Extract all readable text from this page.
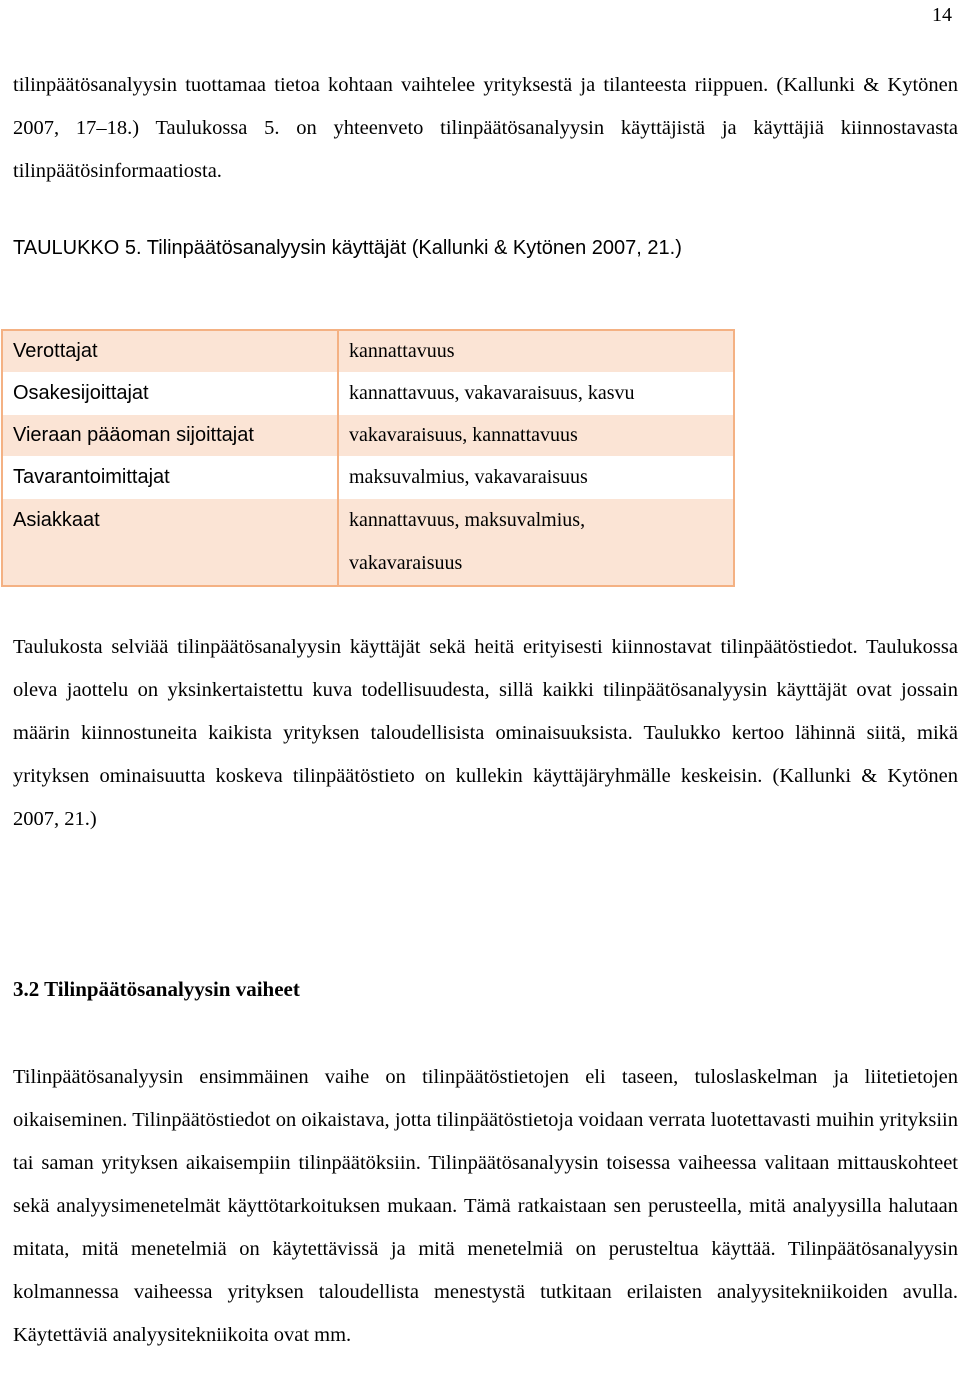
14

tilinpäätösanalyysin tuottamaa tietoa kohtaan vaihtelee yrityksestä ja tilanteesta riippuen. (Kallunki & Kytönen 2007, 17–18.) Taulukossa 5. on yhteenveto tilinpäätösanalyysin käyttäjistä ja käyttäjiä kiinnostavasta tilinpäätösinformaatiosta.

TAULUKKO 5. Tilinpäätösanalyysin käyttäjät (Kallunki & Kytönen 2007, 21.)
Verottajat	kannattavuus
Osakesijoittajat	kannattavuus, vakavaraisuus, kasvu
Vieraan pääoman sijoittajat	vakavaraisuus, kannattavuus
Tavarantoimittajat	maksuvalmius, vakavaraisuus
Asiakkaat	kannattavuus, maksuvalmius, vakavaraisuus

Taulukosta selviää tilinpäätösanalyysin käyttäjät sekä heitä erityisesti kiinnostavat tilinpäätöstiedot. Taulukossa oleva jaottelu on yksinkertaistettu kuva todellisuudesta, sillä kaikki tilinpäätösanalyysin käyttäjät ovat jossain määrin kiinnostuneita kaikista yrityksen taloudellisista ominaisuuksista. Taulukko kertoo lähinnä siitä, mikä yrityksen ominaisuutta koskeva tilinpäätöstieto on kullekin käyttäjäryhmälle keskeisin. (Kallunki & Kytönen 2007, 21.)

3.2 Tilinpäätösanalyysin vaiheet

Tilinpäätösanalyysin ensimmäinen vaihe on tilinpäätöstietojen eli taseen, tuloslaskelman ja liitetietojen oikaiseminen. Tilinpäätöstiedot on oikaistava, jotta tilinpäätöstietoja voidaan verrata luotettavasti muihin yrityksiin tai saman yrityksen aikaisempiin tilinpäätöksiin. Tilinpäätösanalyysin toisessa vaiheessa valitaan mittauskohteet sekä analyysimenetelmät käyttötarkoituksen mukaan. Tämä ratkaistaan sen perusteella, mitä analyysilla halutaan mitata, mitä menetelmiä on käytettävissä ja mitä menetelmiä on perusteltua käyttää. Tilinpäätösanalyysin kolmannessa vaiheessa yrityksen taloudellista menestystä tutkitaan erilaisten analyysitekniikoiden avulla. Käytettäviä analyysitekniikoita ovat mm.
